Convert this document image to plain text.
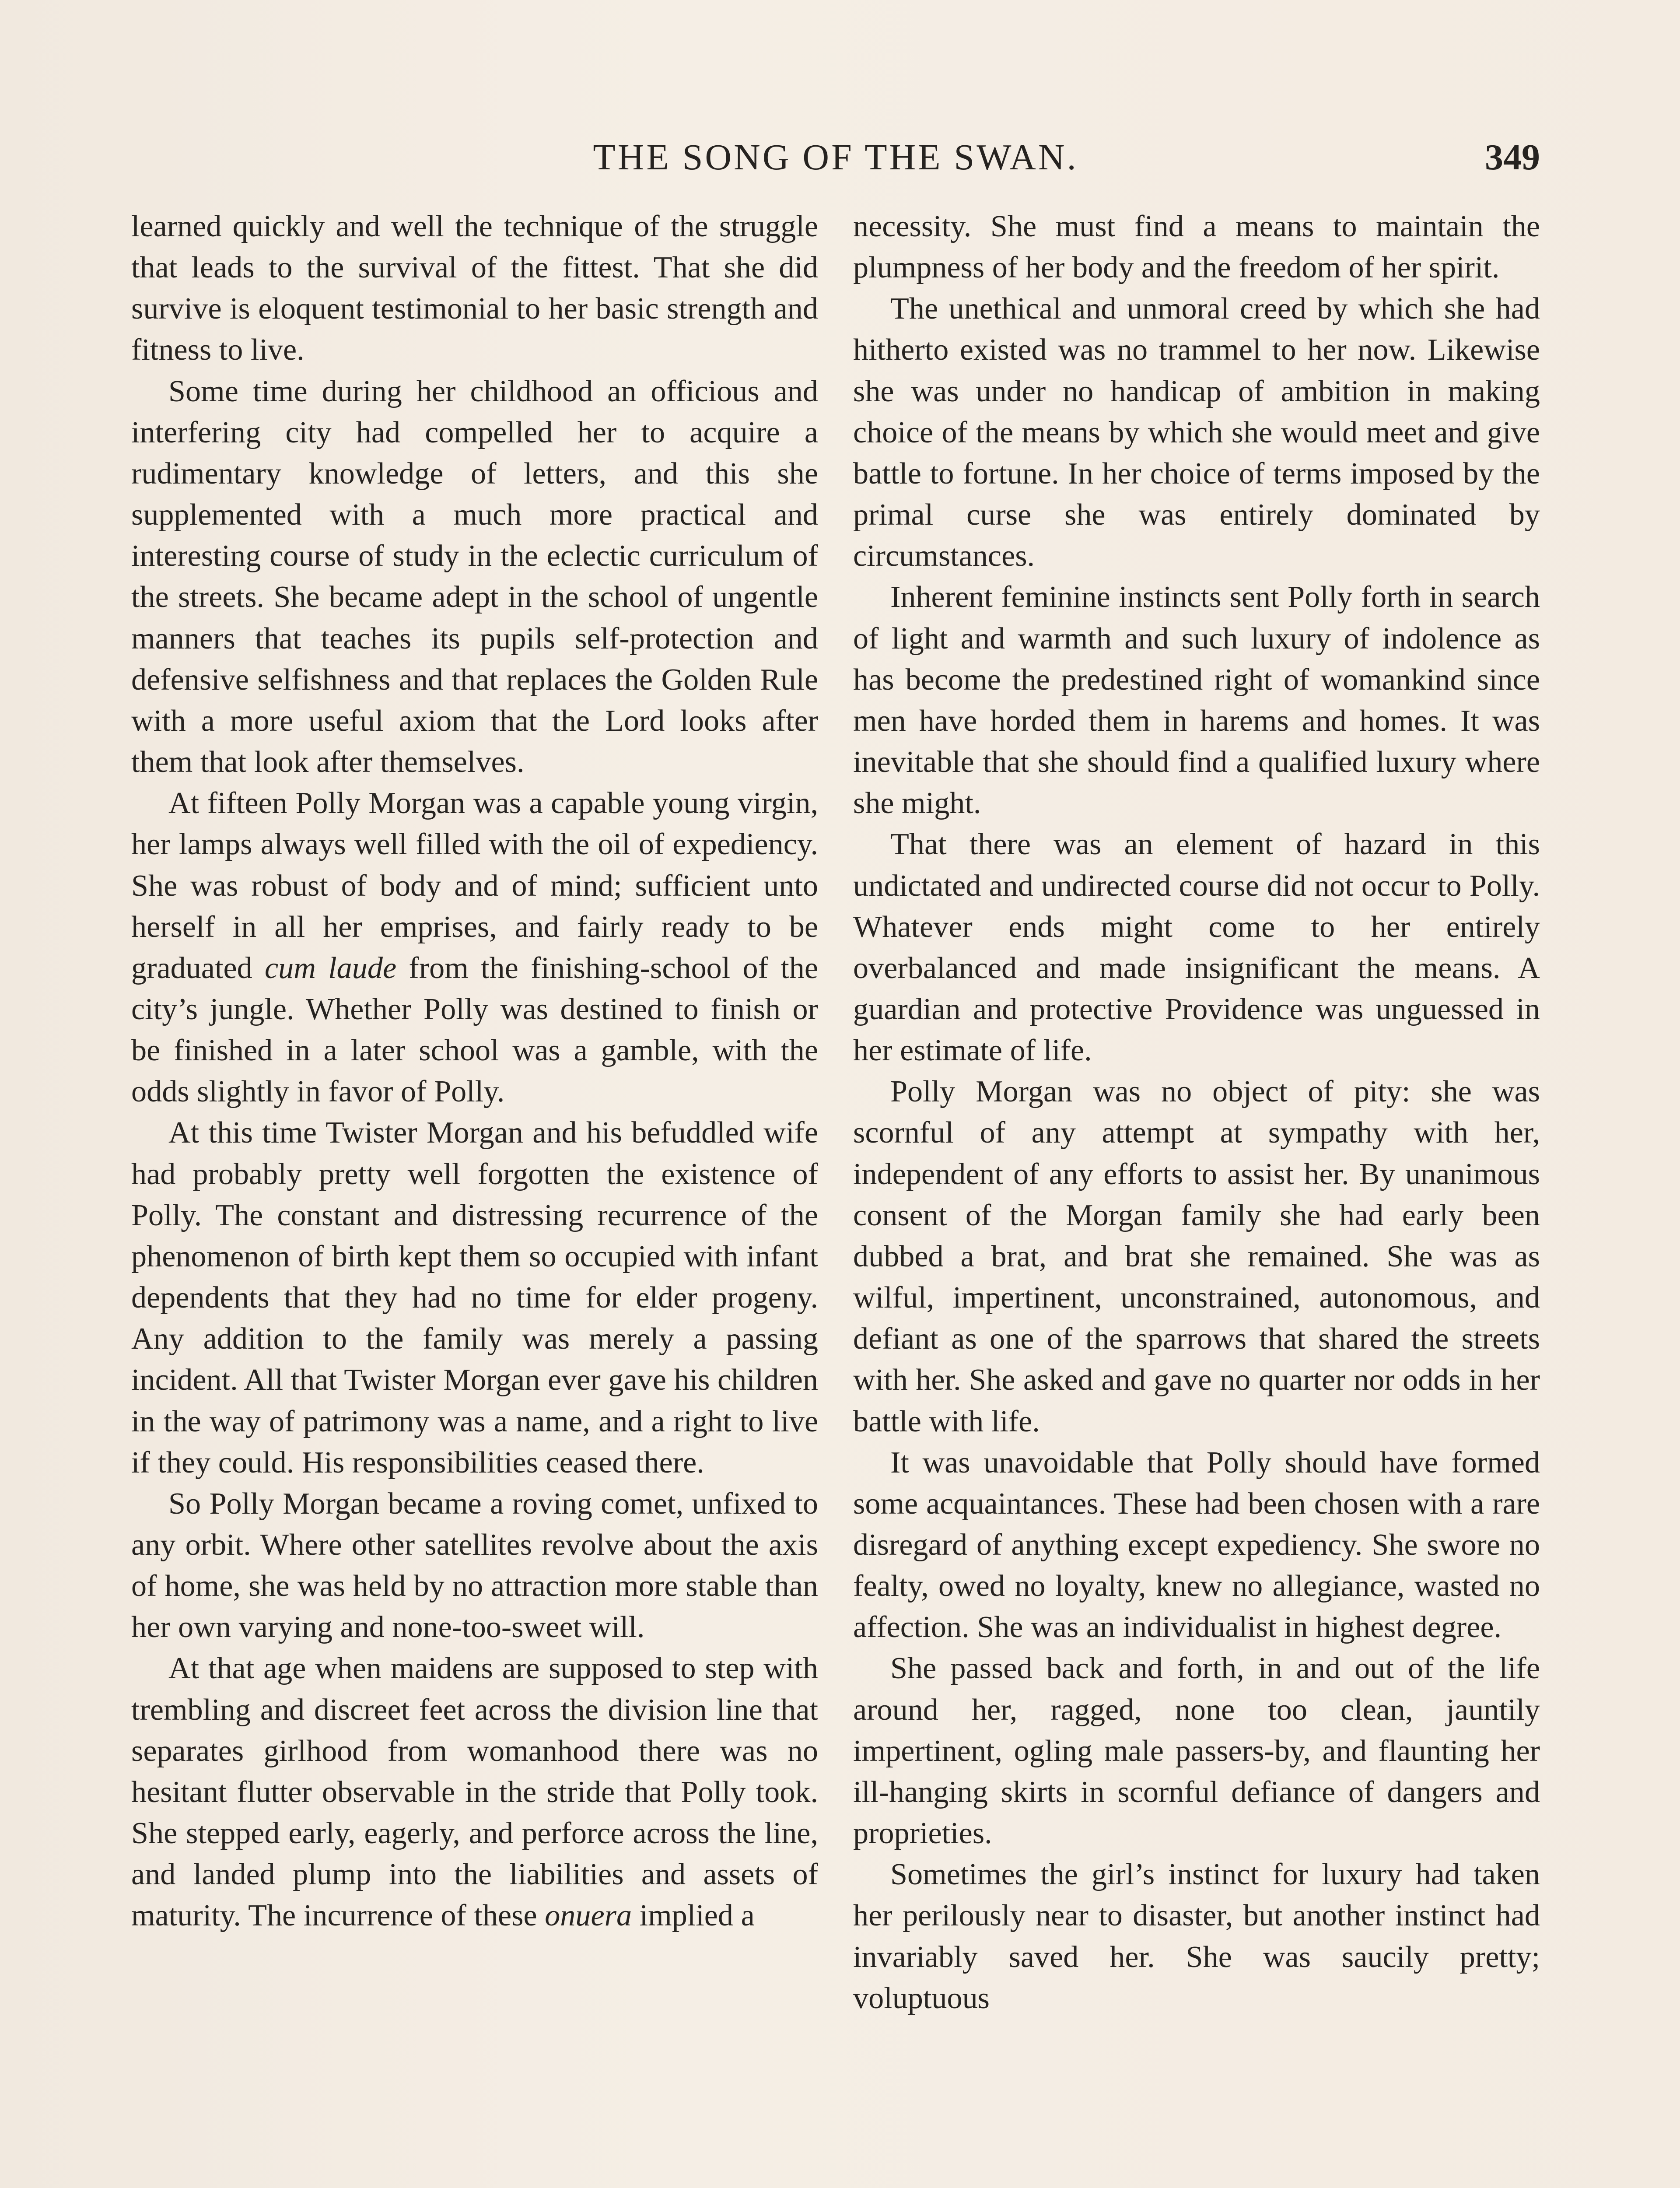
THE SONG OF THE SWAN.	349

learned quickly and well the technique of the struggle that leads to the survival of the fittest. That she did survive is eloquent testimonial to her basic strength and fitness to live.

Some time during her childhood an officious and interfering city had compelled her to acquire a rudimentary knowledge of letters, and this she supplemented with a much more practical and interesting course of study in the eclectic curriculum of the streets. She became adept in the school of ungentle manners that teaches its pupils self-protection and defensive selfishness and that replaces the Golden Rule with a more useful axiom that the Lord looks after them that look after themselves.

At fifteen Polly Morgan was a capable young virgin, her lamps always well filled with the oil of expediency. She was robust of body and of mind; sufficient unto herself in all her emprises, and fairly ready to be graduated cum laude from the finishing-school of the city’s jungle. Whether Polly was destined to finish or be finished in a later school was a gamble, with the odds slightly in favor of Polly.

At this time Twister Morgan and his befuddled wife had probably pretty well forgotten the existence of Polly. The constant and distressing recurrence of the phenomenon of birth kept them so occupied with infant dependents that they had no time for elder progeny. Any addition to the family was merely a passing incident. All that Twister Morgan ever gave his children in the way of patrimony was a name, and a right to live if they could. His responsibilities ceased there.

So Polly Morgan became a roving comet, unfixed to any orbit. Where other satellites revolve about the axis of home, she was held by no attraction more stable than her own varying and none-too-sweet will.

At that age when maidens are supposed to step with trembling and discreet feet across the division line that separates girlhood from womanhood there was no hesitant flutter observable in the stride that Polly took. She stepped early, eagerly, and perforce across the line, and landed plump into the liabilities and assets of maturity. The incurrence of these onuera implied a

necessity. She must find a means to maintain the plumpness of her body and the freedom of her spirit.

The unethical and unmoral creed by which she had hitherto existed was no trammel to her now. Likewise she was under no handicap of ambition in making choice of the means by which she would meet and give battle to fortune. In her choice of terms imposed by the primal curse she was entirely dominated by circumstances.

Inherent feminine instincts sent Polly forth in search of light and warmth and such luxury of indolence as has become the predestined right of womankind since men have horded them in harems and homes. It was inevitable that she should find a qualified luxury where she might.

That there was an element of hazard in this undictated and undirected course did not occur to Polly. Whatever ends might come to her entirely overbalanced and made insignificant the means. A guardian and protective Providence was unguessed in her estimate of life.

Polly Morgan was no object of pity: she was scornful of any attempt at sympathy with her, independent of any efforts to assist her. By unanimous consent of the Morgan family she had early been dubbed a brat, and brat she remained. She was as wilful, impertinent, unconstrained, autonomous, and defiant as one of the sparrows that shared the streets with her. She asked and gave no quarter nor odds in her battle with life.

It was unavoidable that Polly should have formed some acquaintances. These had been chosen with a rare disregard of anything except expediency. She swore no fealty, owed no loyalty, knew no allegiance, wasted no affection. She was an individualist in highest degree.

She passed back and forth, in and out of the life around her, ragged, none too clean, jauntily impertinent, ogling male passers-by, and flaunting her ill-hanging skirts in scornful defiance of dangers and proprieties.

Sometimes the girl’s instinct for luxury had taken her perilously near to disaster, but another instinct had invariably saved her. She was saucily pretty; voluptuous
